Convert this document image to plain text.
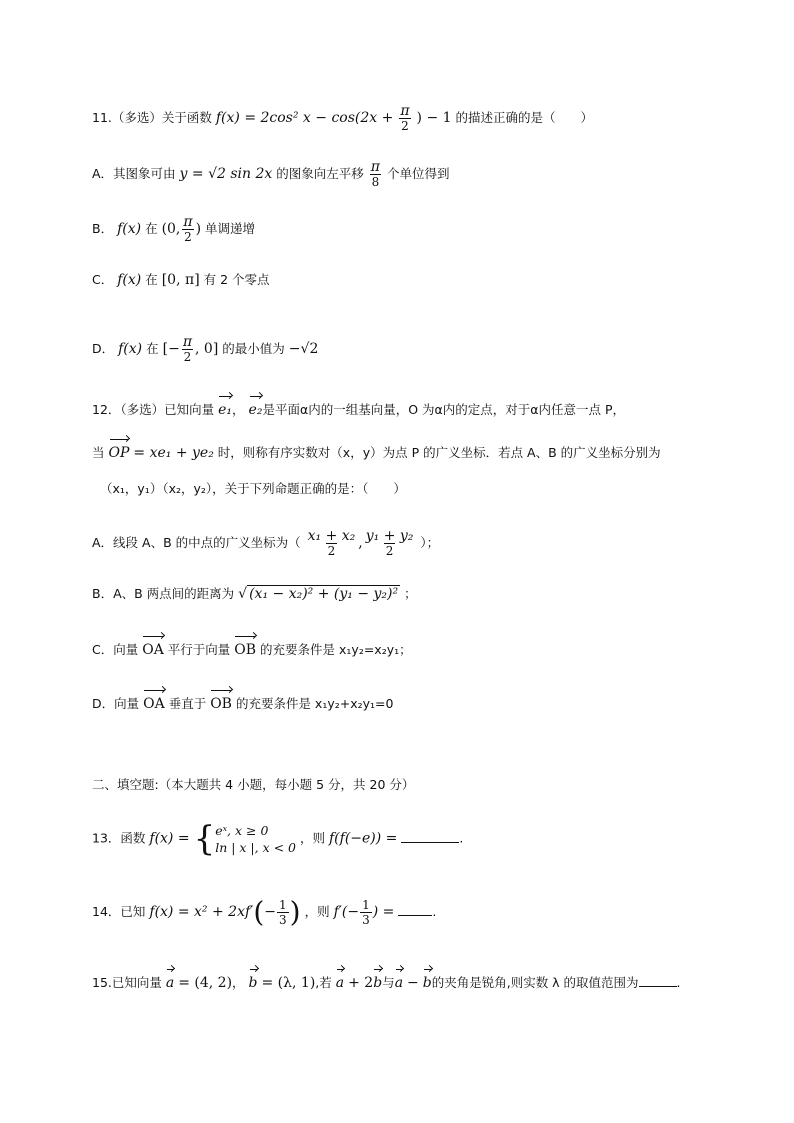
11.（多选）关于函数 f(x) = 2cos² $x - \cos(2x + \frac{\pi}{2}$ ) − 1 的描述正确的是（　　）
A．其图象可由 y = √2 sin 2x 的图象向左平移 $\frac{\pi}{8}$ 个单位得到
B． f(x) 在 (0, $\frac{\pi}{2}$ ) 单调递增
C． f(x) 在 [0, π] 有 2 个零点
D． f(x) 在 [− $\frac{\pi}{2}$ , 0] 的最小值为 −√2
12．（多选）已知向量 e₁， e₂是平面α内的一组基向量，O 为α内的定点，对于α内任意一点 P，
当 OP = xe₁ + ye₂ 时，则称有序实数对（x，y）为点 P 的广义坐标．若点 A、B 的广义坐标分别为
（x₁，y₁）（x₂，y₂），关于下列命题正确的是：（　　）
A．线段 A、B 的中点的广义坐标为（ $\frac{\text{x₁ + x₂}}{2}$ , $\frac{\text{y₁ + y₂}}{2}$ ）；
B．A、B 两点间的距离为 √ (x₁ − x₂)² + (y₁ − y₂)² ；
C．向量 OA 平行于向量 OB 的充要条件是 x₁y₂=x₂y₁；
D．向量 OA 垂直于 OB 的充要条件是 x₁y₂+x₂y₁=0
二、填空题:（本大题共 4 小题，每小题 5 分，共 20 分）
13．函数 f(x) = { eˣ, x ≥ 0
ln | x |, x < 0
，则 f(f(−e)) =	.
14．已知 $f(x) = x^2 + 2xf'(- \frac{1}{3}$ ) ，则 $f'(- \frac{1}{3}$ ) =	.
15.已知向量 a = (4, 2)， b = (λ, 1),若 a + 2b与a − b的夹角是锐角,则实数 λ 的取值范围为	.
